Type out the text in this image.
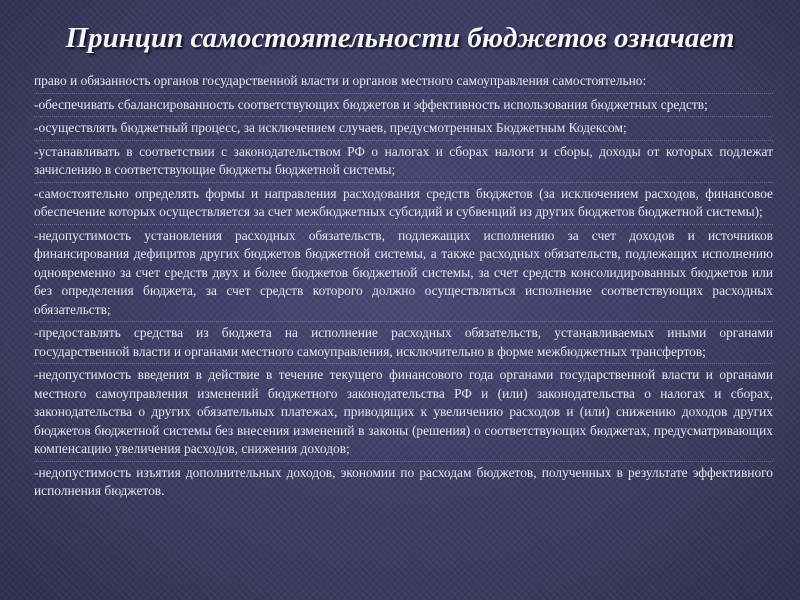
Принцип самостоятельности бюджетов означает
право и обязанность органов государственной власти и органов местного самоуправления самостоятельно:
-обеспечивать сбалансированность соответствующих бюджетов и эффективность использования бюджетных средств;
-осуществлять бюджетный процесс, за исключением случаев, предусмотренных Бюджетным Кодексом;
-устанавливать в соответствии с законодательством РФ о налогах и сборах налоги и сборы, доходы от которых подлежат зачислению в соответствующие бюджеты бюджетной системы;
-самостоятельно определять формы и направления расходования средств бюджетов (за исключением расходов, финансовое обеспечение которых осуществляется за счет межбюджетных субсидий и субвенций из других бюджетов бюджетной системы);
-недопустимость установления расходных обязательств, подлежащих исполнению за счет доходов и источников финансирования дефицитов других бюджетов бюджетной системы, а также расходных обязательств, подлежащих исполнению одновременно за счет средств двух и более бюджетов бюджетной системы, за счет средств консолидированных бюджетов или без определения бюджета, за счет средств которого должно осуществляться исполнение соответствующих расходных обязательств;
-предоставлять средства из бюджета на исполнение расходных обязательств, устанавливаемых иными органами государственной власти и органами местного самоуправления, исключительно в форме межбюджетных трансфертов;
-недопустимость введения в действие в течение текущего финансового года органами государственной власти и органами местного самоуправления изменений бюджетного законодательства РФ и (или) законодательства о налогах и сборах, законодательства о других обязательных платежах, приводящих к увеличению расходов и (или) снижению доходов других бюджетов бюджетной системы без внесения изменений в законы (решения) о соответствующих бюджетах, предусматривающих компенсацию увеличения расходов, снижения доходов;
-недопустимость изъятия дополнительных доходов, экономии по расходам бюджетов, полученных в результате эффективного исполнения бюджетов.
